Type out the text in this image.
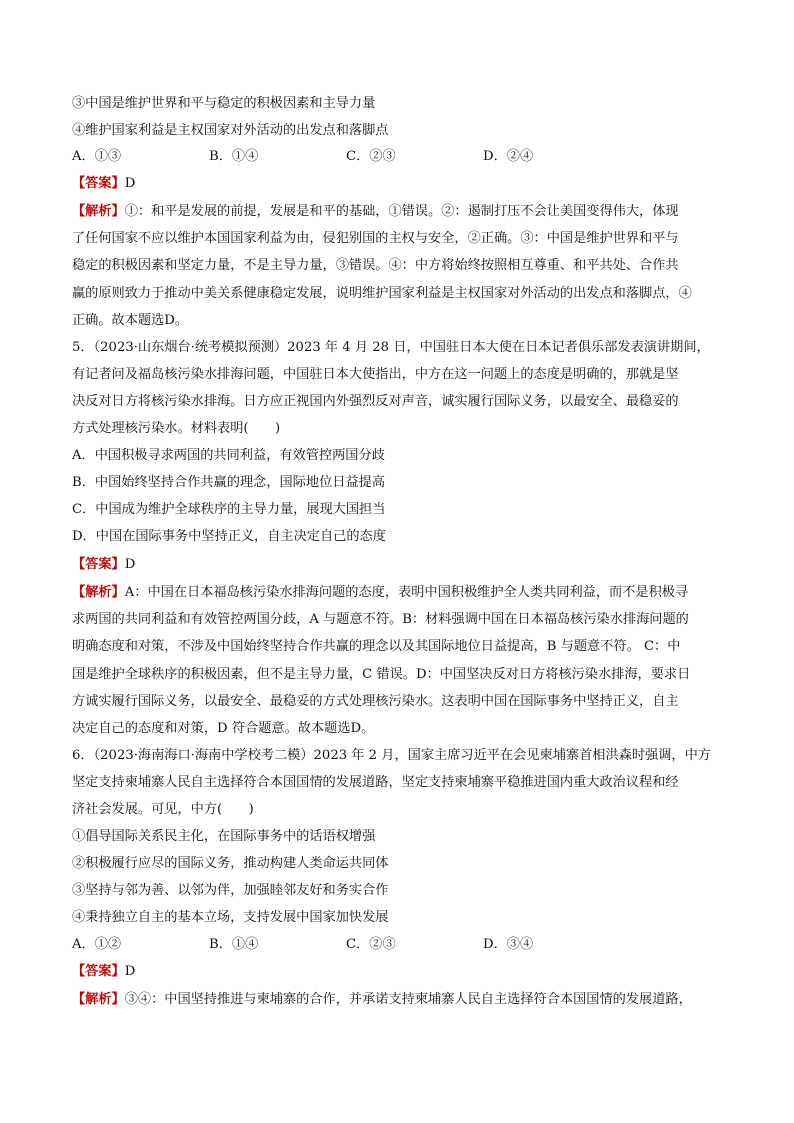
③中国是维护世界和平与稳定的积极因素和主导力量
④维护国家利益是主权国家对外活动的出发点和落脚点
A．①③	B．①④	C．②③	D．②④
【答案】D
【解析】①：和平是发展的前提，发展是和平的基础，①错误。②：遏制打压不会让美国变得伟大，体现
了任何国家不应以维护本国国家利益为由，侵犯别国的主权与安全，②正确。③：中国是维护世界和平与
稳定的积极因素和坚定力量，不是主导力量，③错误。④：中方将始终按照相互尊重、和平共处、合作共
赢的原则致力于推动中美关系健康稳定发展，说明维护国家利益是主权国家对外活动的出发点和落脚点，④
正确。故本题选D。
5．（2023·山东烟台·统考模拟预测）2023 年 4 月 28 日，中国驻日本大使在日本记者俱乐部发表演讲期间，
有记者问及福岛核污染水排海问题，中国驻日本大使指出，中方在这一问题上的态度是明确的，那就是坚
决反对日方将核污染水排海。日方应正视国内外强烈反对声音，诚实履行国际义务，以最安全、最稳妥的
方式处理核污染水。材料表明(　　)
A．中国积极寻求两国的共同利益，有效管控两国分歧
B．中国始终坚持合作共赢的理念，国际地位日益提高
C．中国成为维护全球秩序的主导力量，展现大国担当
D．中国在国际事务中坚持正义，自主决定自己的态度
【答案】D
【解析】A：中国在日本福岛核污染水排海问题的态度，表明中国积极维护全人类共同利益，而不是积极寻
求两国的共同利益和有效管控两国分歧，A 与题意不符。B：材料强调中国在日本福岛核污染水排海问题的
明确态度和对策，不涉及中国始终坚持合作共赢的理念以及其国际地位日益提高，B 与题意不符。 C：中
国是维护全球秩序的积极因素，但不是主导力量，C 错误。D：中国坚决反对日方将核污染水排海，要求日
方诚实履行国际义务，以最安全、最稳妥的方式处理核污染水。这表明中国在国际事务中坚持正义，自主
决定自己的态度和对策，D 符合题意。故本题选D。
6．（2023·海南海口·海南中学校考二模）2023 年 2 月，国家主席习近平在会见柬埔寨首相洪森时强调，中方
坚定支持柬埔寨人民自主选择符合本国国情的发展道路，坚定支持柬埔寨平稳推进国内重大政治议程和经
济社会发展。可见，中方(　　)
①倡导国际关系民主化，在国际事务中的话语权增强
②积极履行应尽的国际义务，推动构建人类命运共同体
③坚持与邻为善、以邻为伴，加强睦邻友好和务实合作
④秉持独立自主的基本立场，支持发展中国家加快发展
A．①②	B．①④	C．②③	D．③④
【答案】D
【解析】③④：中国坚持推进与柬埔寨的合作，并承诺支持柬埔寨人民自主选择符合本国国情的发展道路，
